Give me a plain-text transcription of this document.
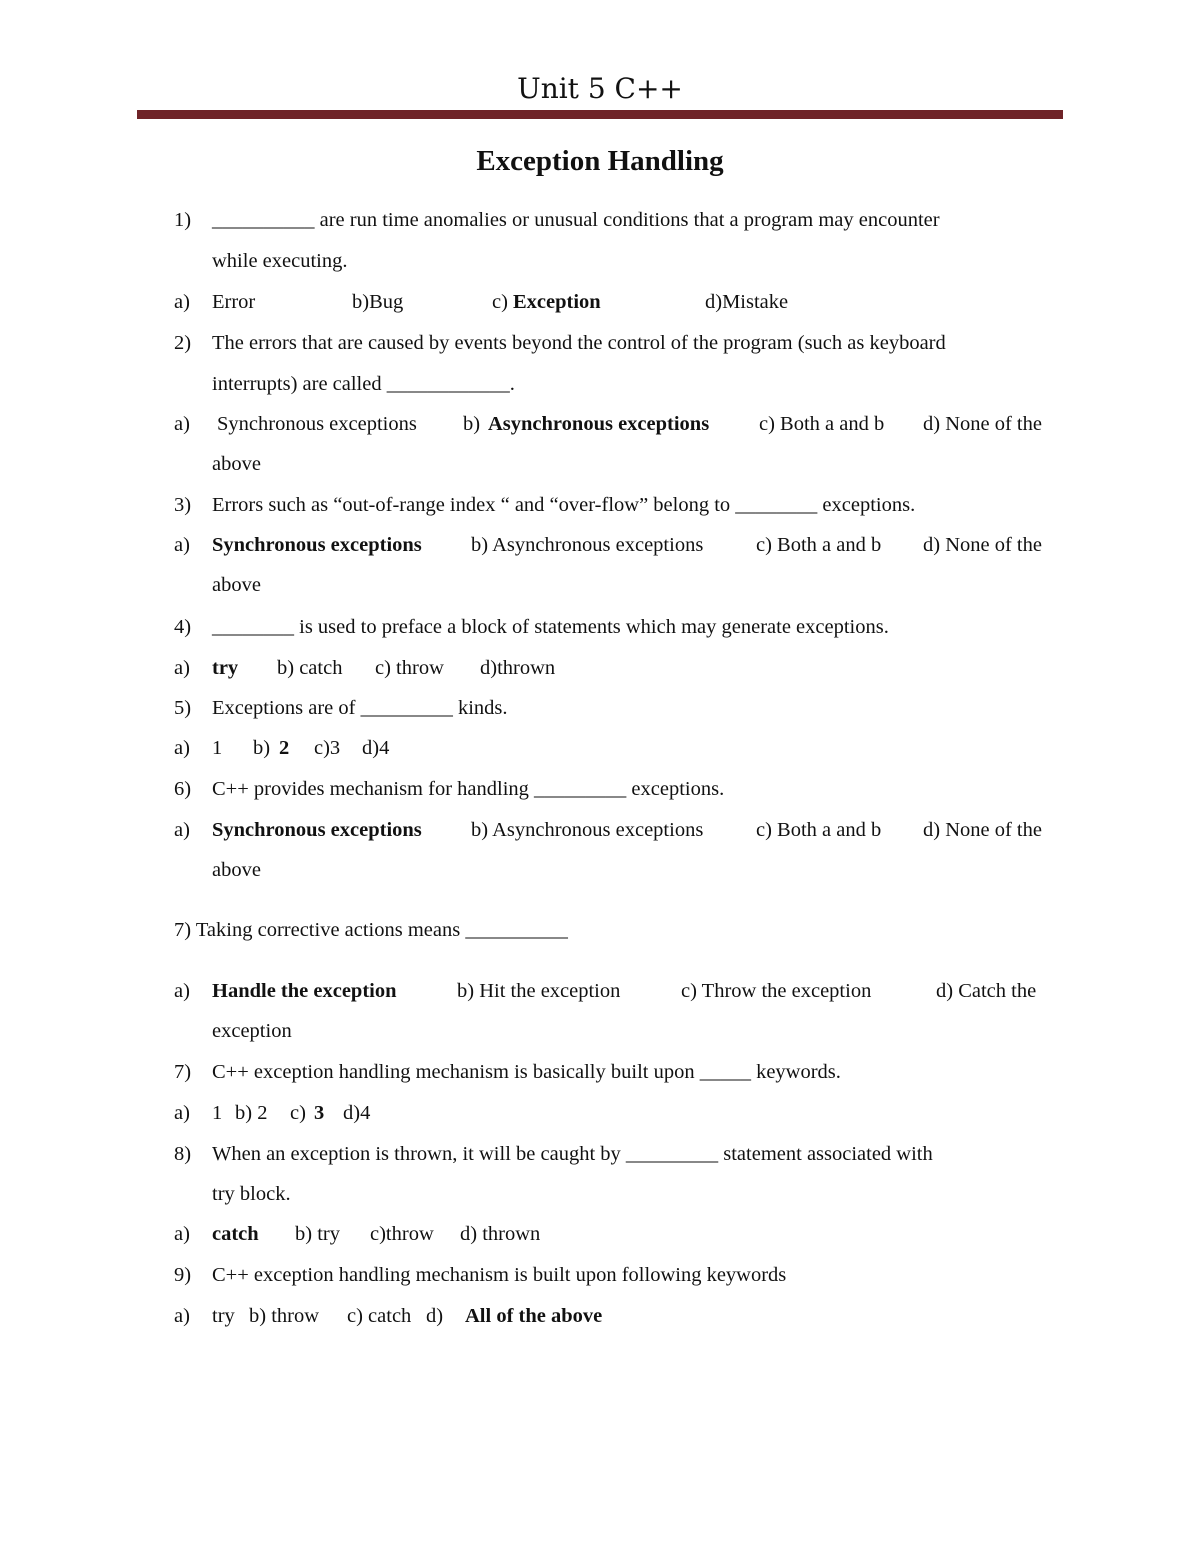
Unit 5 C++
Exception Handling
1) __________ are run time anomalies or unusual conditions that a program may encounter
while executing.
a) Error	b)Bug	c) Exception	d)Mistake
2) The errors that are caused by events beyond the control of the program (such as keyboard
interrupts) are called ____________.
a) Synchronous exceptions b) Asynchronous exceptions c) Both a and b d) None of the
above
3) Errors such as “out-of-range index “ and “over-flow” belong to ________ exceptions.
a) Synchronous exceptions b) Asynchronous exceptions	c) Both a and b d) None of the
above
4) ________ is used to preface a block of statements which may generate exceptions.
a) try b) catch c) throw d)thrown
5) Exceptions are of _________ kinds.
a) 1 b) 2 c)3 d)4
6) C++ provides mechanism for handling _________ exceptions.
a) Synchronous exceptions b) Asynchronous exceptions	c) Both a and b d) None of the
above
7) Taking corrective actions means __________
a) Handle the exception	b) Hit the exception	c) Throw the exception	d) Catch the
exception
7) C++ exception handling mechanism is basically built upon _____ keywords.
a) 1 b) 2 c) 3 d)4
8) When an exception is thrown, it will be caught by _________ statement associated with
try block.
a) catch b) try c)throw d) thrown
9) C++ exception handling mechanism is built upon following keywords
a) try b) throw c) catch d) All of the above
